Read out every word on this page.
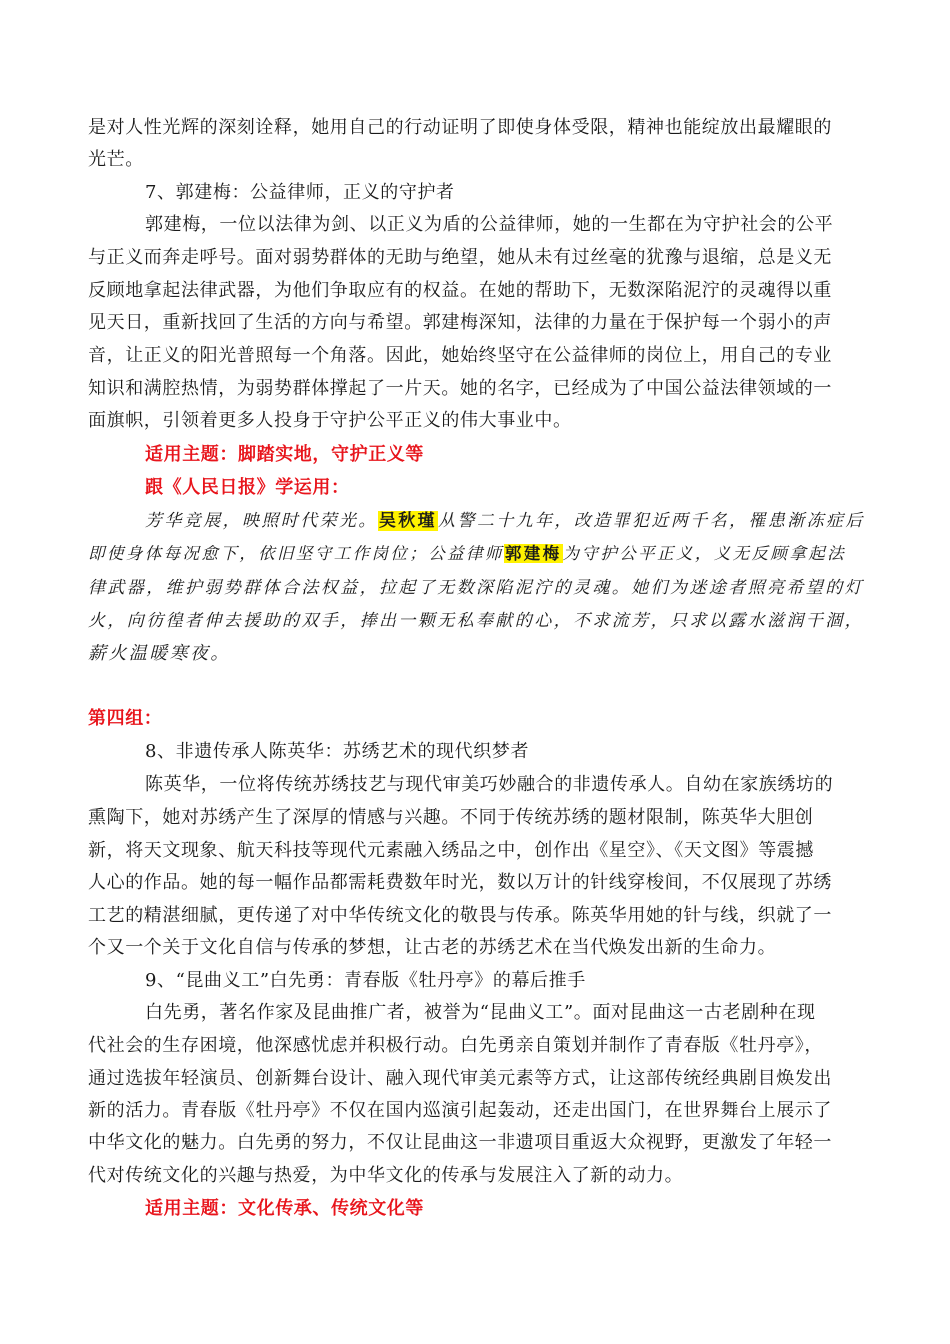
是对人性光辉的深刻诠释，她用自己的行动证明了即使身体受限，精神也能绽放出最耀眼的
光芒。
7、郭建梅：公益律师，正义的守护者
郭建梅，一位以法律为剑、以正义为盾的公益律师，她的一生都在为守护社会的公平
与正义而奔走呼号。面对弱势群体的无助与绝望，她从未有过丝毫的犹豫与退缩，总是义无
反顾地拿起法律武器，为他们争取应有的权益。在她的帮助下，无数深陷泥泞的灵魂得以重
见天日，重新找回了生活的方向与希望。郭建梅深知，法律的力量在于保护每一个弱小的声
音，让正义的阳光普照每一个角落。因此，她始终坚守在公益律师的岗位上，用自己的专业
知识和满腔热情，为弱势群体撑起了一片天。她的名字，已经成为了中国公益法律领域的一
面旗帜，引领着更多人投身于守护公平正义的伟大事业中。
适用主题：脚踏实地，守护正义等
跟《人民日报》学运用：
芳华竞展，映照时代荣光。吴秋瑾从警二十九年，改造罪犯近两千名，罹患渐冻症后
即使身体每况愈下，依旧坚守工作岗位；公益律师郭建梅为守护公平正义，义无反顾拿起法
律武器，维护弱势群体合法权益，拉起了无数深陷泥泞的灵魂。她们为迷途者照亮希望的灯
火，向彷徨者伸去援助的双手，捧出一颗无私奉献的心，不求流芳，只求以露水滋润干涸，
薪火温暖寒夜。
第四组：
8、非遗传承人陈英华：苏绣艺术的现代织梦者
陈英华，一位将传统苏绣技艺与现代审美巧妙融合的非遗传承人。自幼在家族绣坊的
熏陶下，她对苏绣产生了深厚的情感与兴趣。不同于传统苏绣的题材限制，陈英华大胆创
新，将天文现象、航天科技等现代元素融入绣品之中，创作出《星空》、《天文图》等震撼
人心的作品。她的每一幅作品都需耗费数年时光，数以万计的针线穿梭间，不仅展现了苏绣
工艺的精湛细腻，更传递了对中华传统文化的敬畏与传承。陈英华用她的针与线，织就了一
个又一个关于文化自信与传承的梦想，让古老的苏绣艺术在当代焕发出新的生命力。
9、“昆曲义工”白先勇：青春版《牡丹亭》的幕后推手
白先勇，著名作家及昆曲推广者，被誉为“昆曲义工”。面对昆曲这一古老剧种在现
代社会的生存困境，他深感忧虑并积极行动。白先勇亲自策划并制作了青春版《牡丹亭》，
通过选拔年轻演员、创新舞台设计、融入现代审美元素等方式，让这部传统经典剧目焕发出
新的活力。青春版《牡丹亭》不仅在国内巡演引起轰动，还走出国门，在世界舞台上展示了
中华文化的魅力。白先勇的努力，不仅让昆曲这一非遗项目重返大众视野，更激发了年轻一
代对传统文化的兴趣与热爱，为中华文化的传承与发展注入了新的动力。
适用主题：文化传承、传统文化等
